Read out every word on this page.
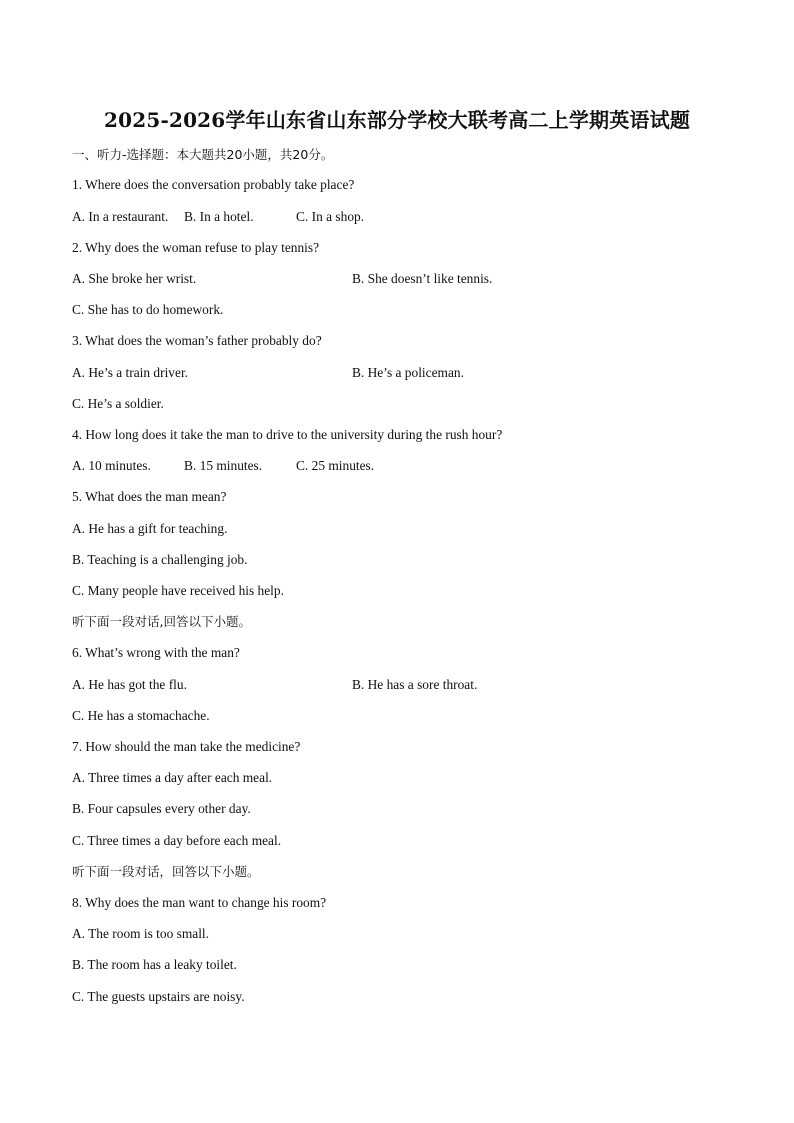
2025-2026学年山东省山东部分学校大联考高二上学期英语试题
一、听力-选择题：本大题共20小题，共20分。
1. Where does the conversation probably take place?
A. In a restaurant. B. In a hotel.	C. In a shop.
2. Why does the woman refuse to play tennis?
A. She broke her wrist.	B. She doesn’t like tennis.
C. She has to do homework.
3. What does the woman’s father probably do?
A. He’s a train driver.	B. He’s a policeman.
C. He’s a soldier.
4. How long does it take the man to drive to the university during the rush hour?
A. 10 minutes. B. 15 minutes.	C. 25 minutes.
5. What does the man mean?
A. He has a gift for teaching.
B. Teaching is a challenging job.
C. Many people have received his help.
听下面一段对话,回答以下小题。
6. What’s wrong with the man?
A. He has got the flu.	B. He has a sore throat.
C. He has a stomachache.
7. How should the man take the medicine?
A. Three times a day after each meal.
B. Four capsules every other day.
C. Three times a day before each meal.
听下面一段对话，回答以下小题。
8. Why does the man want to change his room?
A. The room is too small.
B. The room has a leaky toilet.
C. The guests upstairs are noisy.
